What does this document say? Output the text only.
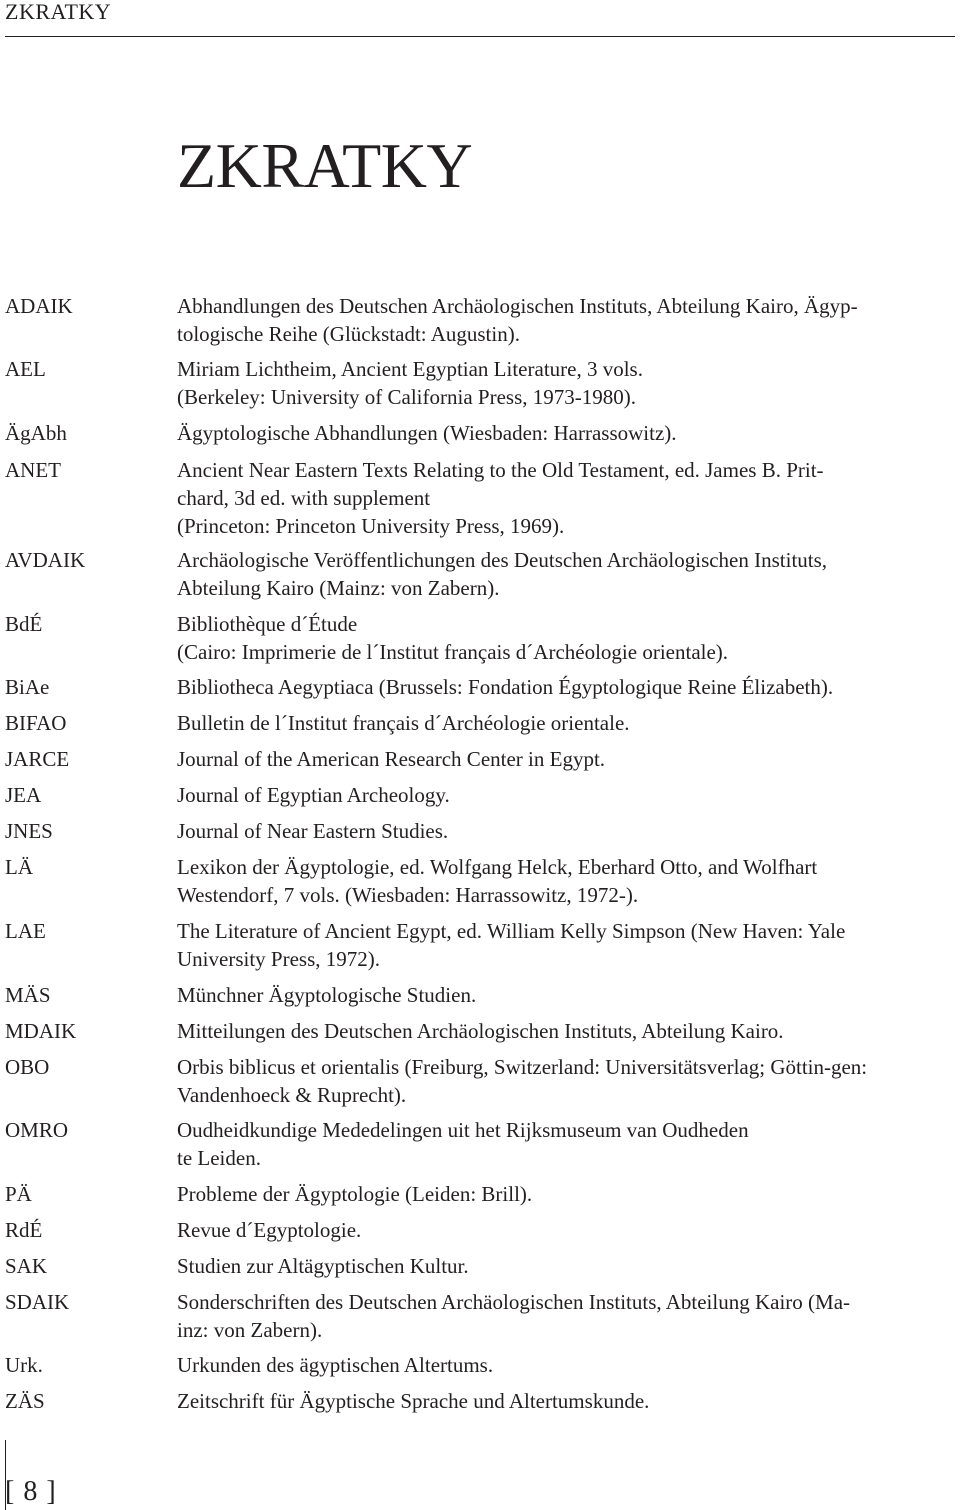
ZKRATKY
ZKRATKY
ADAIK	Abhandlungen des Deutschen Archäologischen Instituts, Abteilung Kairo, Ägyp-
tologische Reihe (Glückstadt: Augustin).
AEL	Miriam Lichtheim, Ancient Egyptian Literature, 3 vols.
(Berkeley: University of California Press, 1973-1980).
ÄgAbh	Ägyptologische Abhandlungen (Wiesbaden: Harrassowitz).
ANET	Ancient Near Eastern Texts Relating to the Old Testament, ed. James B. Prit-
chard, 3d ed. with supplement
(Princeton: Princeton University Press, 1969).
AVDAIK	Archäologische Veröffentlichungen des Deutschen Archäologischen Instituts,
Abteilung Kairo (Mainz: von Zabern).
BdÉ	Bibliothèque d´Étude
(Cairo: Imprimerie de l´Institut français d´Archéologie orientale).
BiAe	Bibliotheca Aegyptiaca (Brussels: Fondation Égyptologique Reine Élizabeth).
BIFAO	Bulletin de l´Institut français d´Archéologie orientale.
JARCE	Journal of the American Research Center in Egypt.
JEA	Journal of Egyptian Archeology.
JNES	Journal of Near Eastern Studies.
LÄ	Lexikon der Ägyptologie, ed. Wolfgang Helck, Eberhard Otto, and Wolfhart
Westendorf, 7 vols. (Wiesbaden: Harrassowitz, 1972-).
LAE	The Literature of Ancient Egypt, ed. William Kelly Simpson (New Haven: Yale
University Press, 1972).
MÄS	Münchner Ägyptologische Studien.
MDAIK	Mitteilungen des Deutschen Archäologischen Instituts, Abteilung Kairo.
OBO	Orbis biblicus et orientalis (Freiburg, Switzerland: Universitätsverlag; Göttin-gen:
Vandenhoeck & Ruprecht).
OMRO	Oudheidkundige Mededelingen uit het Rijksmuseum van Oudheden
te Leiden.
PÄ	Probleme der Ägyptologie (Leiden: Brill).
RdÉ	Revue d´Egyptologie.
SAK	Studien zur Altägyptischen Kultur.
SDAIK	Sonderschriften des Deutschen Archäologischen Instituts, Abteilung Kairo (Ma-
inz: von Zabern).
Urk.	Urkunden des ägyptischen Altertums.
ZÄS	Zeitschrift für Ägyptische Sprache und Altertumskunde.
[ 8 ]
